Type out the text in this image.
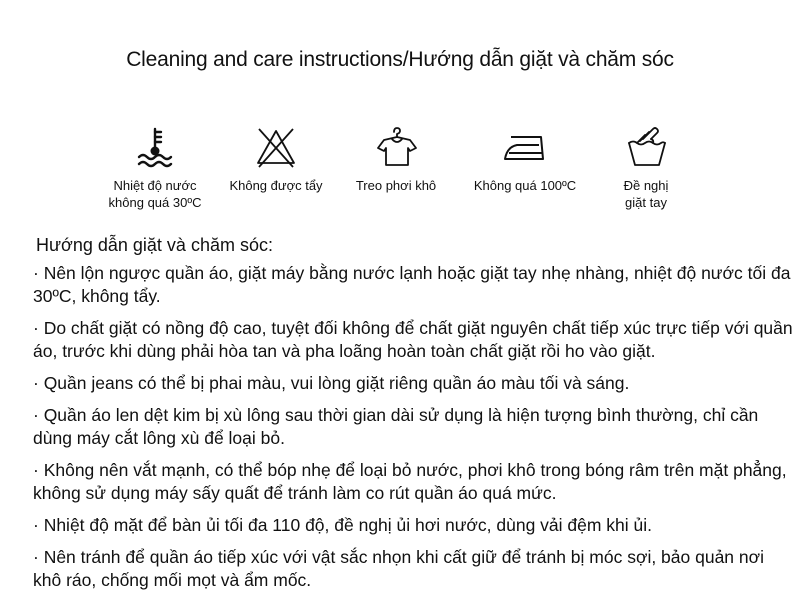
Cleaning and care instructions/Hướng dẫn giặt và chăm sóc
Nhiệt độ nước
không quá 30ºC
Không được tẩy	Treo phơi khô	Không quá 100ºC	Đề nghị
giặt tay
Hướng dẫn giặt và chăm sóc:
· Nên lộn ngược quần áo, giặt máy bằng nước lạnh hoặc giặt tay nhẹ nhàng, nhiệt độ nước tối đa 30ºC, không tẩy.
· Do chất giặt có nồng độ cao, tuyệt đối không để chất giặt nguyên chất tiếp xúc trực tiếp với quần áo, trước khi dùng phải hòa tan và pha loãng hoàn toàn chất giặt rồi ho vào giặt.
· Quần jeans có thể bị phai màu, vui lòng giặt riêng quần áo màu tối và sáng.
· Quần áo len dệt kim bị xù lông sau thời gian dài sử dụng là hiện tượng bình thường, chỉ cần dùng máy cắt lông xù để loại bỏ.
· Không nên vắt mạnh, có thể bóp nhẹ để loại bỏ nước, phơi khô trong bóng râm trên mặt phẳng, không sử dụng máy sấy quất để tránh làm co rút quần áo quá mức.
· Nhiệt độ mặt để bàn ủi tối đa 110 độ, đề nghị ủi hơi nước, dùng vải đệm khi ủi.
· Nên tránh để quần áo tiếp xúc với vật sắc nhọn khi cất giữ để tránh bị móc sợi, bảo quản nơi khô ráo, chống mối mọt và ẩm mốc.
